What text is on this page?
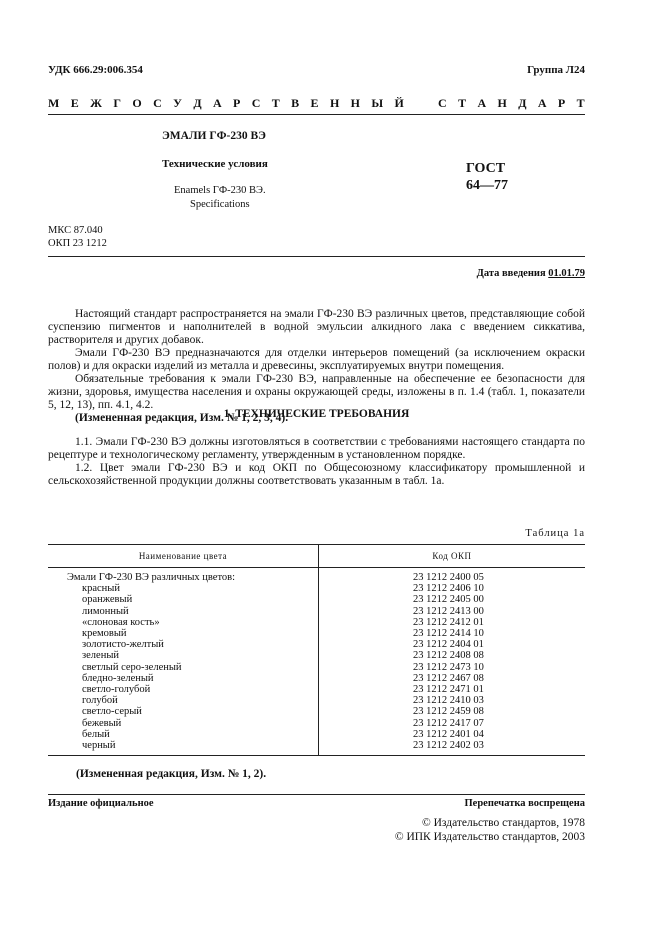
УДК 666.29:006.354	Группа Л24
М Е Ж Г О С У Д А Р С Т В Е Н Н Ы Й	С Т А Н Д А Р Т
ЭМАЛИ ГФ-230 ВЭ
Технические условия
Enamels ГФ-230 ВЭ.
Specifications
ГОСТ
64—77
МКС 87.040
ОКП 23 1212
Дата введения 01.01.79

Настоящий стандарт распространяется на эмали ГФ-230 ВЭ различных цветов, представляющие собой суспензию пигментов и наполнителей в водной эмульсии алкидного лака с введением сиккатива, растворителя и других добавок.

Эмали ГФ-230 ВЭ предназначаются для отделки интерьеров помещений (за исключением окраски полов) и для окраски изделий из металла и древесины, эксплуатируемых внутри помещения.

Обязательные требования к эмали ГФ-230 ВЭ, направленные на обеспечение ее безопасности для жизни, здоровья, имущества населения и охраны окружающей среды, изложены в п. 1.4 (табл. 1, показатели 5, 12, 13), пп. 4.1, 4.2.

(Измененная редакция, Изм. № 1, 2, 3, 4).

1. ТЕХНИЧЕСКИЕ ТРЕБОВАНИЯ

1.1. Эмали ГФ-230 ВЭ должны изготовляться в соответствии с требованиями настоящего стандарта по рецептуре и технологическому регламенту, утвержденным в установленном порядке.

1.2. Цвет эмали ГФ-230 ВЭ и код ОКП по Общесоюзному классификатору промышленной и сельскохозяйственной продукции должны соответствовать указанным в табл. 1а.

Таблица 1а
Наименование цвета	Код ОКП
Эмали ГФ-230 ВЭ различных цветов:	23 1212 2400 05
красный	23 1212 2406 10
оранжевый	23 1212 2405 00
лимонный	23 1212 2413 00
«слоновая кость»	23 1212 2412 01
кремовый	23 1212 2414 10
золотисто-желтый	23 1212 2404 01
зеленый	23 1212 2408 08
светлый серо-зеленый	23 1212 2473 10
бледно-зеленый	23 1212 2467 08
светло-голубой	23 1212 2471 01
голубой	23 1212 2410 03
светло-серый	23 1212 2459 08
бежевый	23 1212 2417 07
белый	23 1212 2401 04
черный	23 1212 2402 03
(Измененная редакция, Изм. № 1, 2).
Издание официальное	Перепечатка воспрещена
© Издательство стандартов, 1978
© ИПК Издательство стандартов, 2003
